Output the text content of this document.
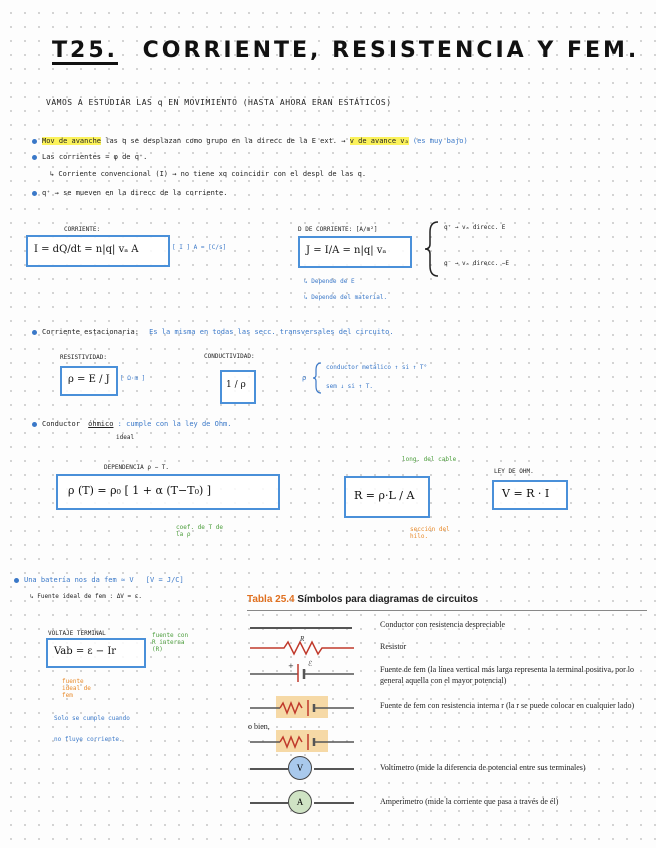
T25. CORRIENTE, RESISTENCIA Y FEM.
VAMOS A ESTUDIAR LAS q EN MOVIMIENTO (HASTA AHORA ERAN ESTÁTICOS)
Mov de avanche las q se desplazan como grupo en la direcc de la E ext. → v de avance vₐ (es muy bajo)
Las corrientes = φ de q⁺.
↳ Corriente convencional (I) → no tiene xq coincidir con el despl de las q.
q⁺ → se mueven en la direcc de la corriente.
CORRIENTE:
I = dQ/dt = n|q| vₐ A	[ I ] A = [C/s]
D DE CORRIENTE: [A/m²]
J = I/A = n|q| vₐ
↳ Depende de E
↳ Depende del material.
q⁺ → vₐ direcc. E
q⁻ → vₐ direcc. −E
Corriente estacionaria: Es la misma en todas las secc. transversales del circuito.
RESISTIVIDAD:
ρ = E / J	[ Ω·m ]
CONDUCTIVIDAD:
1 / ρ
ρ
conductor metálico ↑ si ↑ T°
sem ↓ si ↑ T.
Conductor óhmico : cumple con la ley de Ohm.
ideal
DEPENDENCIA ρ − T.
ρ (T) = ρ₀ [ 1 + α (T−T₀) ]
coef. de T de la ρ
long. del cable
R = ρ·L / A
sección del hilo.
LEY DE OHM.
V = R · I
Una batería nos da fem ≃ V [V = J/C]
↳ Fuente ideal de fem : ΔV = ε.
VOLTAJE TERMINAL
Vab = ε − Ir
fuente con R interna (R)
fuente ideal de fem
Solo se cumple cuando
no fluye corriente.
Tabla 25.4 Símbolos para diagramas de circuitos
Conductor con resistencia despreciable
R
Resistor
+ ℰ
Fuente de fem (la línea vertical más larga representa la terminal positiva, por lo general aquella con el mayor potencial)
Fuente de fem con resistencia interna r (la r se puede colocar en cualquier lado)
o bien,
V	Voltímetro (mide la diferencia de potencial entre sus terminales)
A	Amperímetro (mide la corriente que pasa a través de él)
